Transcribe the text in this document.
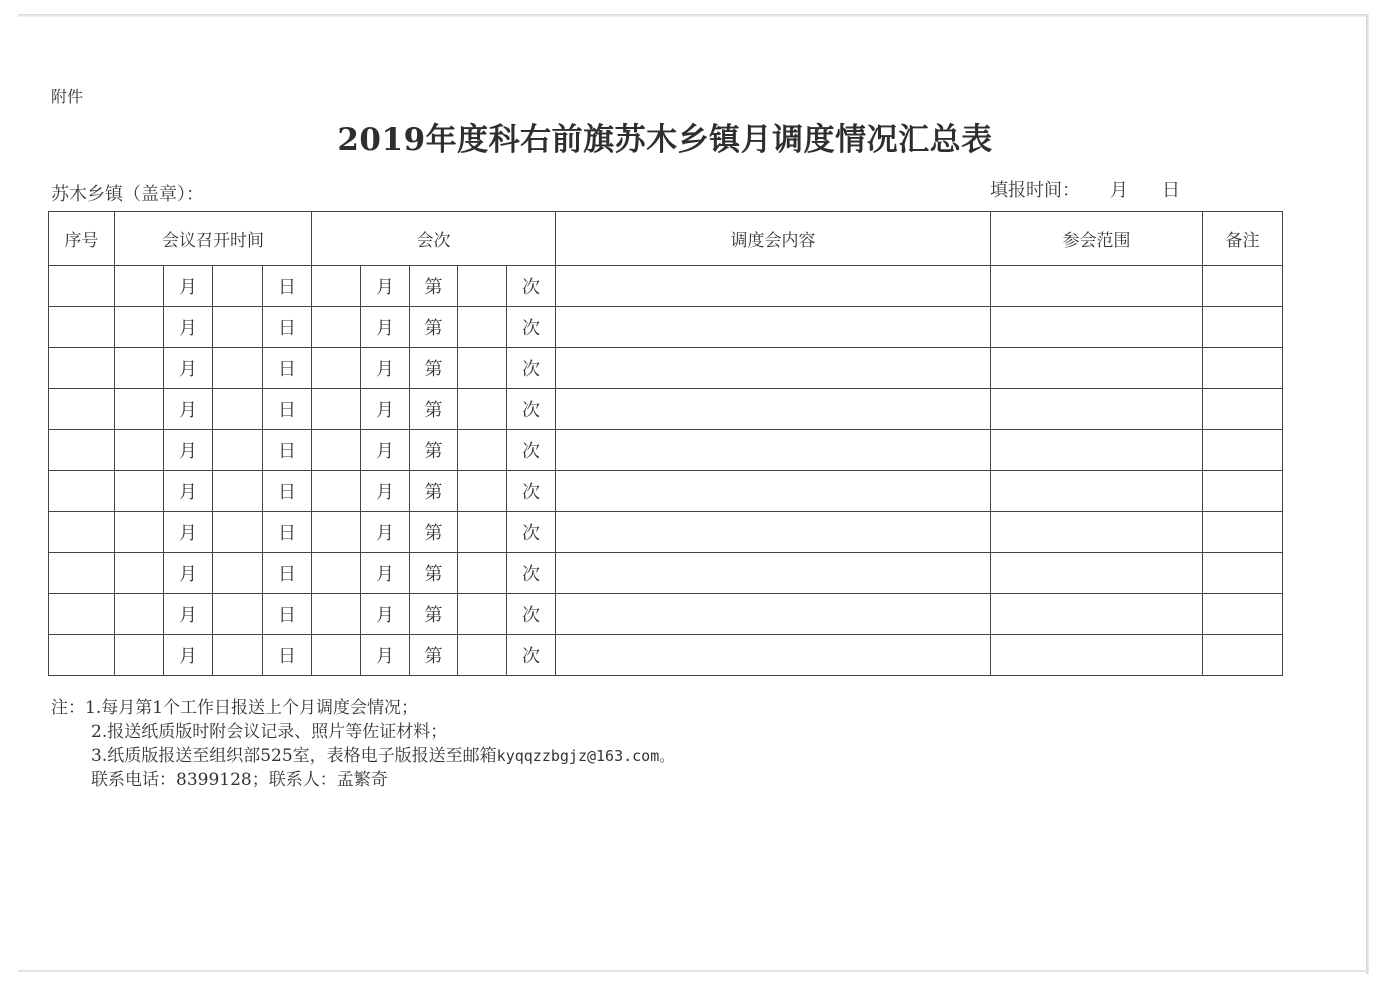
附件
2019年度科右前旗苏木乡镇月调度情况汇总表
苏木乡镇（盖章）：	填报时间： 月 日
序号	会议召开时间				会次					调度会内容	参会范围	备注
		月		日		月	第		次			
		月		日		月	第		次			
		月		日		月	第		次			
		月		日		月	第		次			
		月		日		月	第		次			
		月		日		月	第		次			
		月		日		月	第		次			
		月		日		月	第		次			
		月		日		月	第		次			
		月		日		月	第		次			
注：1.每月第1个工作日报送上个月调度会情况；
2.报送纸质版时附会议记录、照片等佐证材料；
3.纸质版报送至组织部525室，表格电子版报送至邮箱kyqqzzbgjz@163.com。
联系电话：8399128；联系人：孟繁奇
